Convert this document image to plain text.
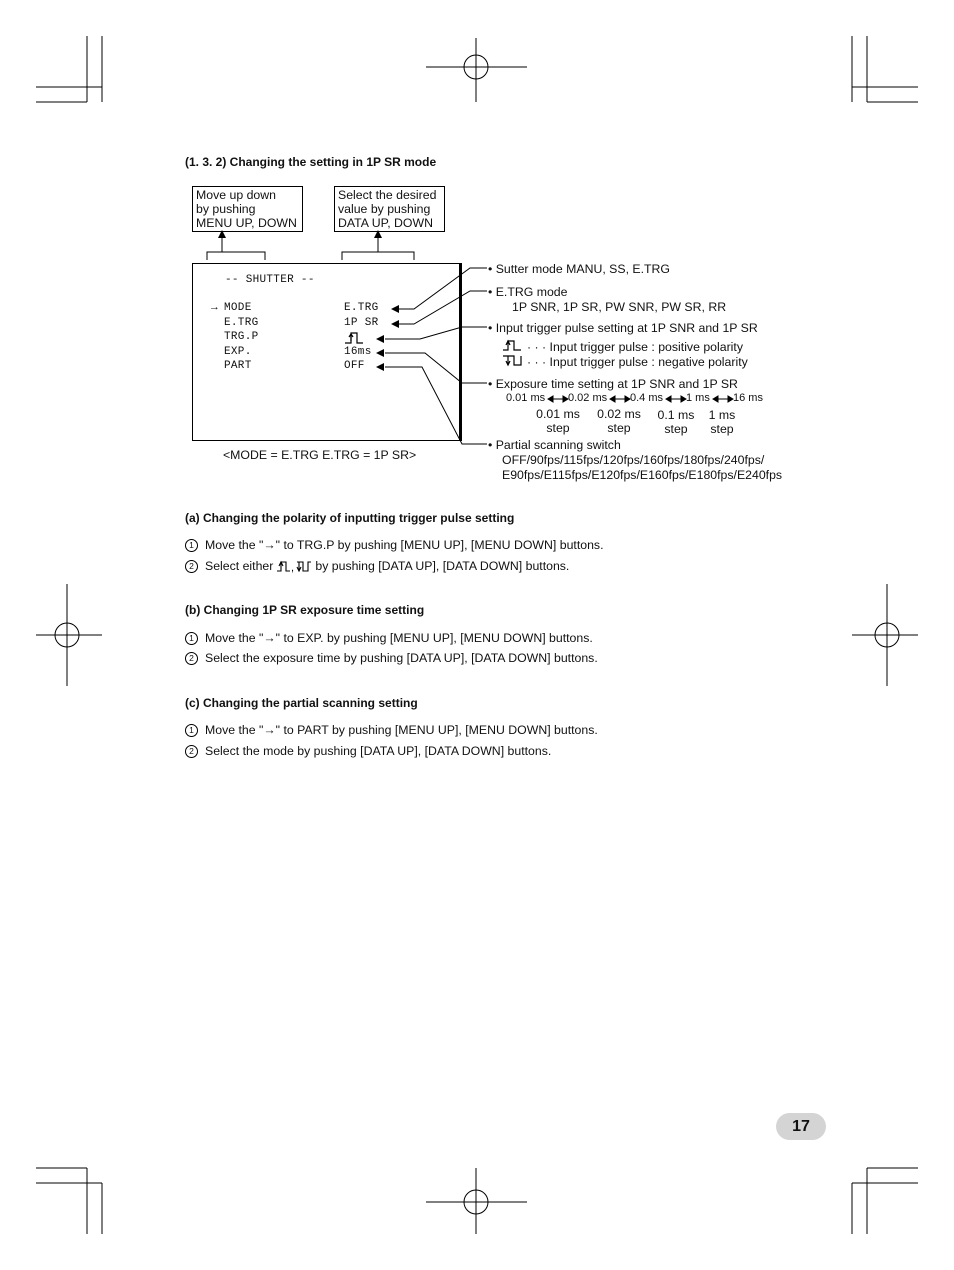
(1. 3. 2) Changing the setting in 1P SR mode
Move up down
by pushing
MENU UP, DOWN
Select the desired
value by pushing
DATA UP, DOWN
-- SHUTTER --
→ MODE
E.TRG
TRG.P
EXP.
PART
E.TRG
1P SR
16ms
OFF
<MODE = E.TRG E.TRG = 1P SR>
• Sutter mode MANU, SS, E.TRG
• E.TRG mode
1P SNR, 1P SR, PW SNR, PW SR, RR
• Input trigger pulse setting at 1P SNR and 1P SR
· · · Input trigger pulse : positive polarity
· · · Input trigger pulse : negative polarity
• Exposure time setting at 1P SNR and 1P SR
0.01 ms 0.02 ms 0.4 ms 1 ms 16 ms
0.01 ms
step
0.02 ms
step
0.1 ms
step
1 ms
step
• Partial scanning switch
OFF/90fps/115fps/120fps/160fps/180fps/240fps/
E90fps/E115fps/E120fps/E160fps/E180fps/E240fps
(a) Changing the polarity of inputting trigger pulse setting
1 Move the "→" to TRG.P by pushing [MENU UP], [MENU DOWN] buttons.
2 Select either , by pushing [DATA UP], [DATA DOWN] buttons.
(b) Changing 1P SR exposure time setting
1 Move the "→" to EXP. by pushing [MENU UP], [MENU DOWN] buttons.
2 Select the exposure time by pushing [DATA UP], [DATA DOWN] buttons.
(c) Changing the partial scanning setting
1 Move the "→" to PART by pushing [MENU UP], [MENU DOWN] buttons.
2 Select the mode by pushing [DATA UP], [DATA DOWN] buttons.
17
